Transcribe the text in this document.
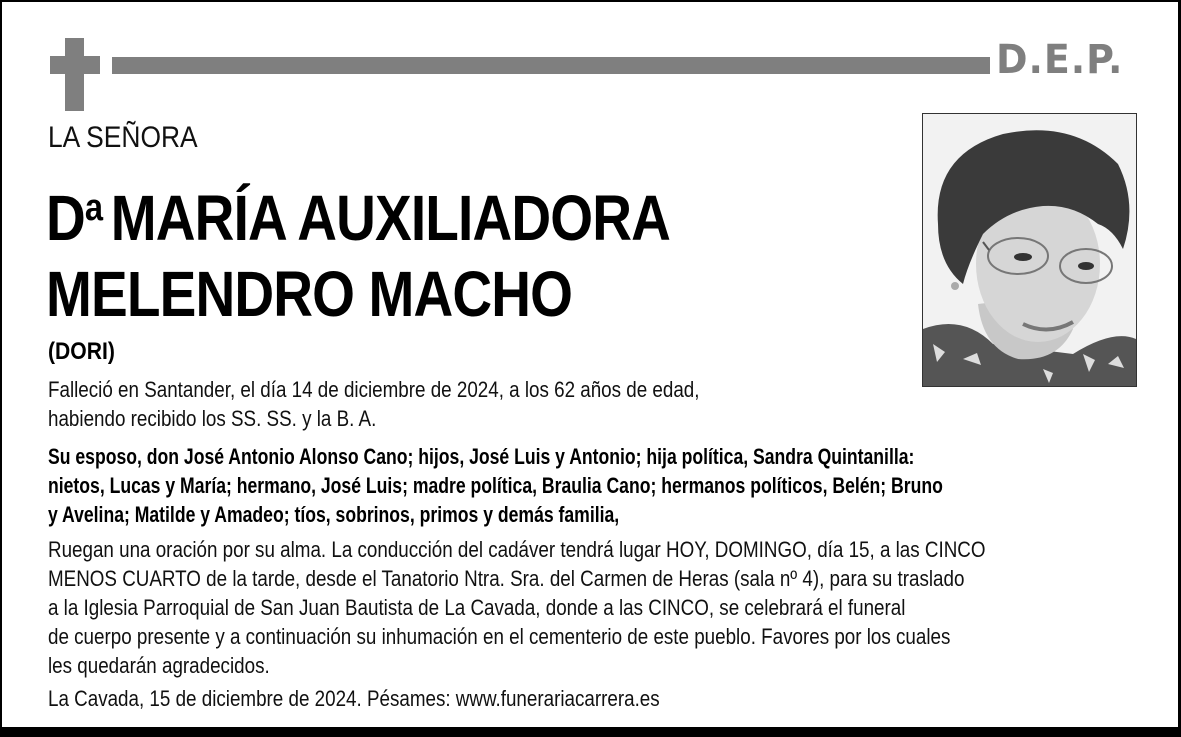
D.E.P.
LA SEÑORA
$D^a$ MARÍA AUXILIADORA
MELENDRO MACHO
(DORI)
Falleció en Santander, el día 14 de diciembre de 2024, a los 62 años de edad,
habiendo recibido los SS. SS. y la B. A.
Su esposo, don José Antonio Alonso Cano; hijos, José Luis y Antonio; hija política, Sandra Quintanilla:
nietos, Lucas y María; hermano, José Luis; madre política, Braulia Cano; hermanos políticos, Belén; Bruno
y Avelina; Matilde y Amadeo; tíos, sobrinos, primos y demás familia,
Ruegan una oración por su alma. La conducción del cadáver tendrá lugar HOY, DOMINGO, día 15, a las CINCO
MENOS CUARTO de la tarde, desde el Tanatorio Ntra. Sra. del Carmen de Heras (sala nº 4), para su traslado
a la Iglesia Parroquial de San Juan Bautista de La Cavada, donde a las CINCO, se celebrará el funeral
de cuerpo presente y a continuación su inhumación en el cementerio de este pueblo. Favores por los cuales
les quedarán agradecidos.
La Cavada, 15 de diciembre de 2024. Pésames: www.funerariacarrera.es
